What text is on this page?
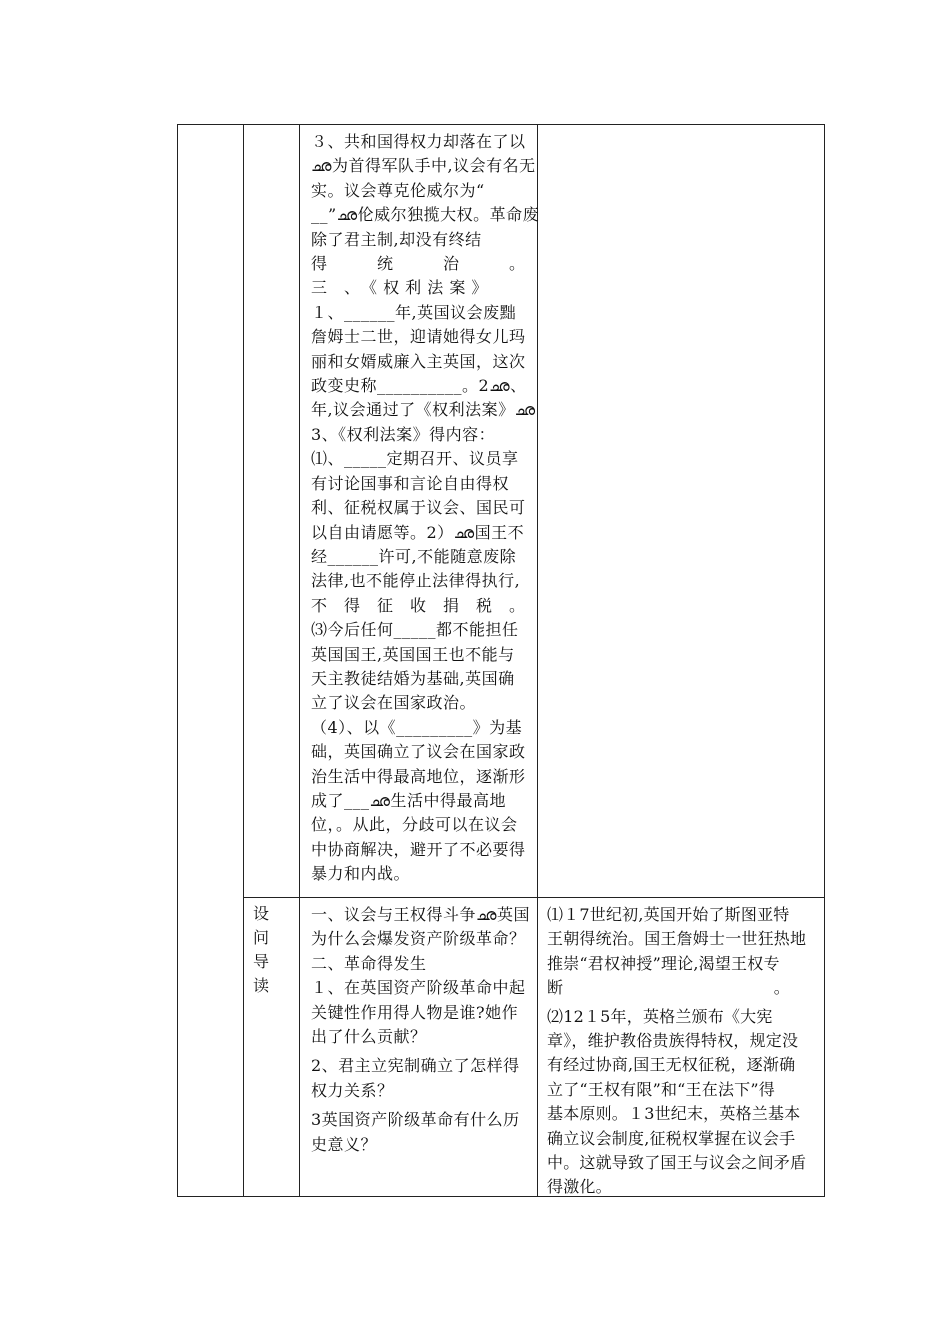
３、共和国得权力却落在了以

ഛ为首得军队手中,议会有名无

实。议会尊克伦威尔为“

__”ഛ伦威尔独揽大权。革命废

除了君主制,却没有终结

得　　　统　　　治　　　。

三　、　《 权 利 法 案 》

１、______年,英国议会废黜

詹姆士二世，迎请她得女儿玛

丽和女婿威廉入主英国，这次

政变史称__________。2ഛ、

年,议会通过了《权利法案》ഛ

3、《权利法案》得内容：

⑴、_____定期召开、议员享

有讨论国事和言论自由得权

利、征税权属于议会、国民可

以自由请愿等。2）ഛ国王不

经______许可,不能随意废除

法律,也不能停止法律得执行,

不　得　征　收　捐　税　。

⑶今后任何_____都不能担任

英国国王,英国国王也不能与

天主教徒结婚为基础,英国确

立了议会在国家政治。

（4）、以《_________》为基

础，英国确立了议会在国家政

治生活中得最高地位，逐渐形

成了___ഛ生活中得最高地

位，。从此，分歧可以在议会

中协商解决，避开了不必要得

暴力和内战。

设

问

导

读

一、议会与王权得斗争ഛ英国

为什么会爆发资产阶级革命？

二、革命得发生

１、在英国资产阶级革命中起

关键性作用得人物是谁?她作

出了什么贡献？

2、君主立宪制确立了怎样得

权力关系？

3英国资产阶级革命有什么历

史意义？

⑴１7世纪初,英国开始了斯图亚特

王朝得统治。国王詹姆士一世狂热地

推崇“君权神授”理论,渴望王权专

断　　　　　　　　　　　　　。

⑵12１5年，英格兰颁布《大宪

章》，维护教俗贵族得特权，规定没

有经过协商,国王无权征税，逐渐确

立了“王权有限”和“王在法下”得

基本原则。１3世纪末，英格兰基本

确立议会制度,征税权掌握在议会手

中。这就导致了国王与议会之间矛盾

得激化。
